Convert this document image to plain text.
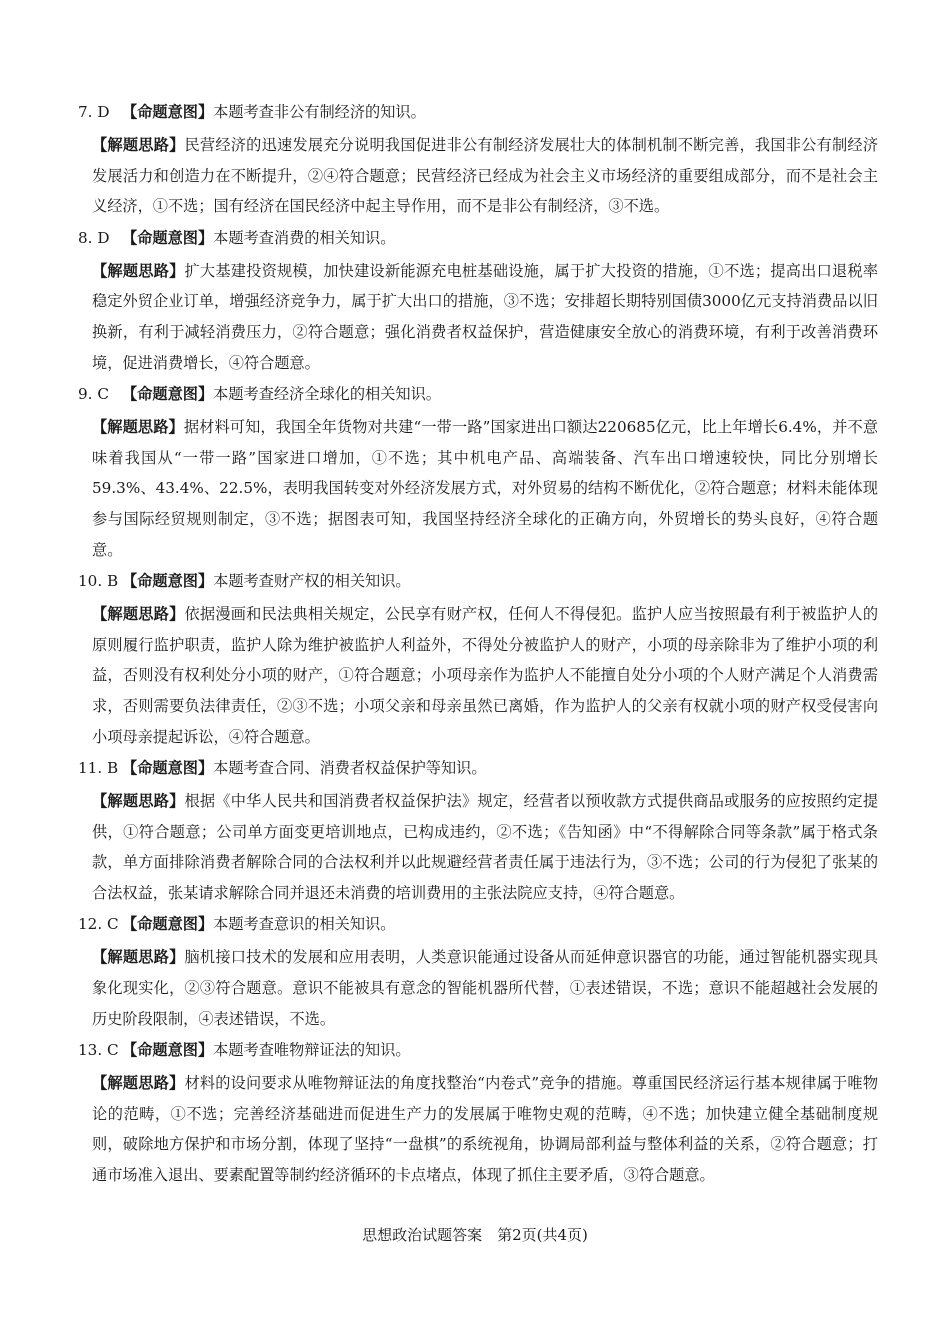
7. D 【命题意图】本题考查非公有制经济的知识。
【解题思路】民营经济的迅速发展充分说明我国促进非公有制经济发展壮大的体制机制不断完善，我国非公有制经济发展活力和创造力在不断提升，②④符合题意；民营经济已经成为社会主义市场经济的重要组成部分，而不是社会主义经济，①不选；国有经济在国民经济中起主导作用，而不是非公有制经济，③不选。
8. D 【命题意图】本题考查消费的相关知识。
【解题思路】扩大基建投资规模，加快建设新能源充电桩基础设施，属于扩大投资的措施，①不选；提高出口退税率稳定外贸企业订单，增强经济竞争力，属于扩大出口的措施，③不选；安排超长期特别国债3000亿元支持消费品以旧换新，有利于减轻消费压力，②符合题意；强化消费者权益保护，营造健康安全放心的消费环境，有利于改善消费环境，促进消费增长，④符合题意。
9. C 【命题意图】本题考查经济全球化的相关知识。
【解题思路】据材料可知，我国全年货物对共建“一带一路”国家进出口额达220685亿元，比上年增长6.4%，并不意味着我国从“一带一路”国家进口增加，①不选；其中机电产品、高端装备、汽车出口增速较快，同比分别增长59.3%、43.4%、22.5%，表明我国转变对外经济发展方式，对外贸易的结构不断优化，②符合题意；材料未能体现参与国际经贸规则制定，③不选；据图表可知，我国坚持经济全球化的正确方向，外贸增长的势头良好，④符合题意。
10. B 【命题意图】本题考查财产权的相关知识。
【解题思路】依据漫画和民法典相关规定，公民享有财产权，任何人不得侵犯。监护人应当按照最有利于被监护人的原则履行监护职责，监护人除为维护被监护人利益外，不得处分被监护人的财产，小项的母亲除非为了维护小项的利益，否则没有权利处分小项的财产，①符合题意；小项母亲作为监护人不能擅自处分小项的个人财产满足个人消费需求，否则需要负法律责任，②③不选；小项父亲和母亲虽然已离婚，作为监护人的父亲有权就小项的财产权受侵害向小项母亲提起诉讼，④符合题意。
11. B 【命题意图】本题考查合同、消费者权益保护等知识。
【解题思路】根据《中华人民共和国消费者权益保护法》规定，经营者以预收款方式提供商品或服务的应按照约定提供，①符合题意；公司单方面变更培训地点，已构成违约，②不选；《告知函》中“不得解除合同等条款”属于格式条款，单方面排除消费者解除合同的合法权利并以此规避经营者责任属于违法行为，③不选；公司的行为侵犯了张某的合法权益，张某请求解除合同并退还未消费的培训费用的主张法院应支持，④符合题意。
12. C 【命题意图】本题考查意识的相关知识。
【解题思路】脑机接口技术的发展和应用表明，人类意识能通过设备从而延伸意识器官的功能，通过智能机器实现具象化现实化，②③符合题意。意识不能被具有意念的智能机器所代替，①表述错误，不选；意识不能超越社会发展的历史阶段限制，④表述错误，不选。
13. C 【命题意图】本题考查唯物辩证法的知识。
【解题思路】材料的设问要求从唯物辩证法的角度找整治“内卷式”竞争的措施。尊重国民经济运行基本规律属于唯物论的范畴，①不选；完善经济基础进而促进生产力的发展属于唯物史观的范畴，④不选；加快建立健全基础制度规则，破除地方保护和市场分割，体现了坚持“一盘棋”的系统视角，协调局部利益与整体利益的关系，②符合题意；打通市场准入退出、要素配置等制约经济循环的卡点堵点，体现了抓住主要矛盾，③符合题意。
思想政治试题答案　第2页(共4页)
